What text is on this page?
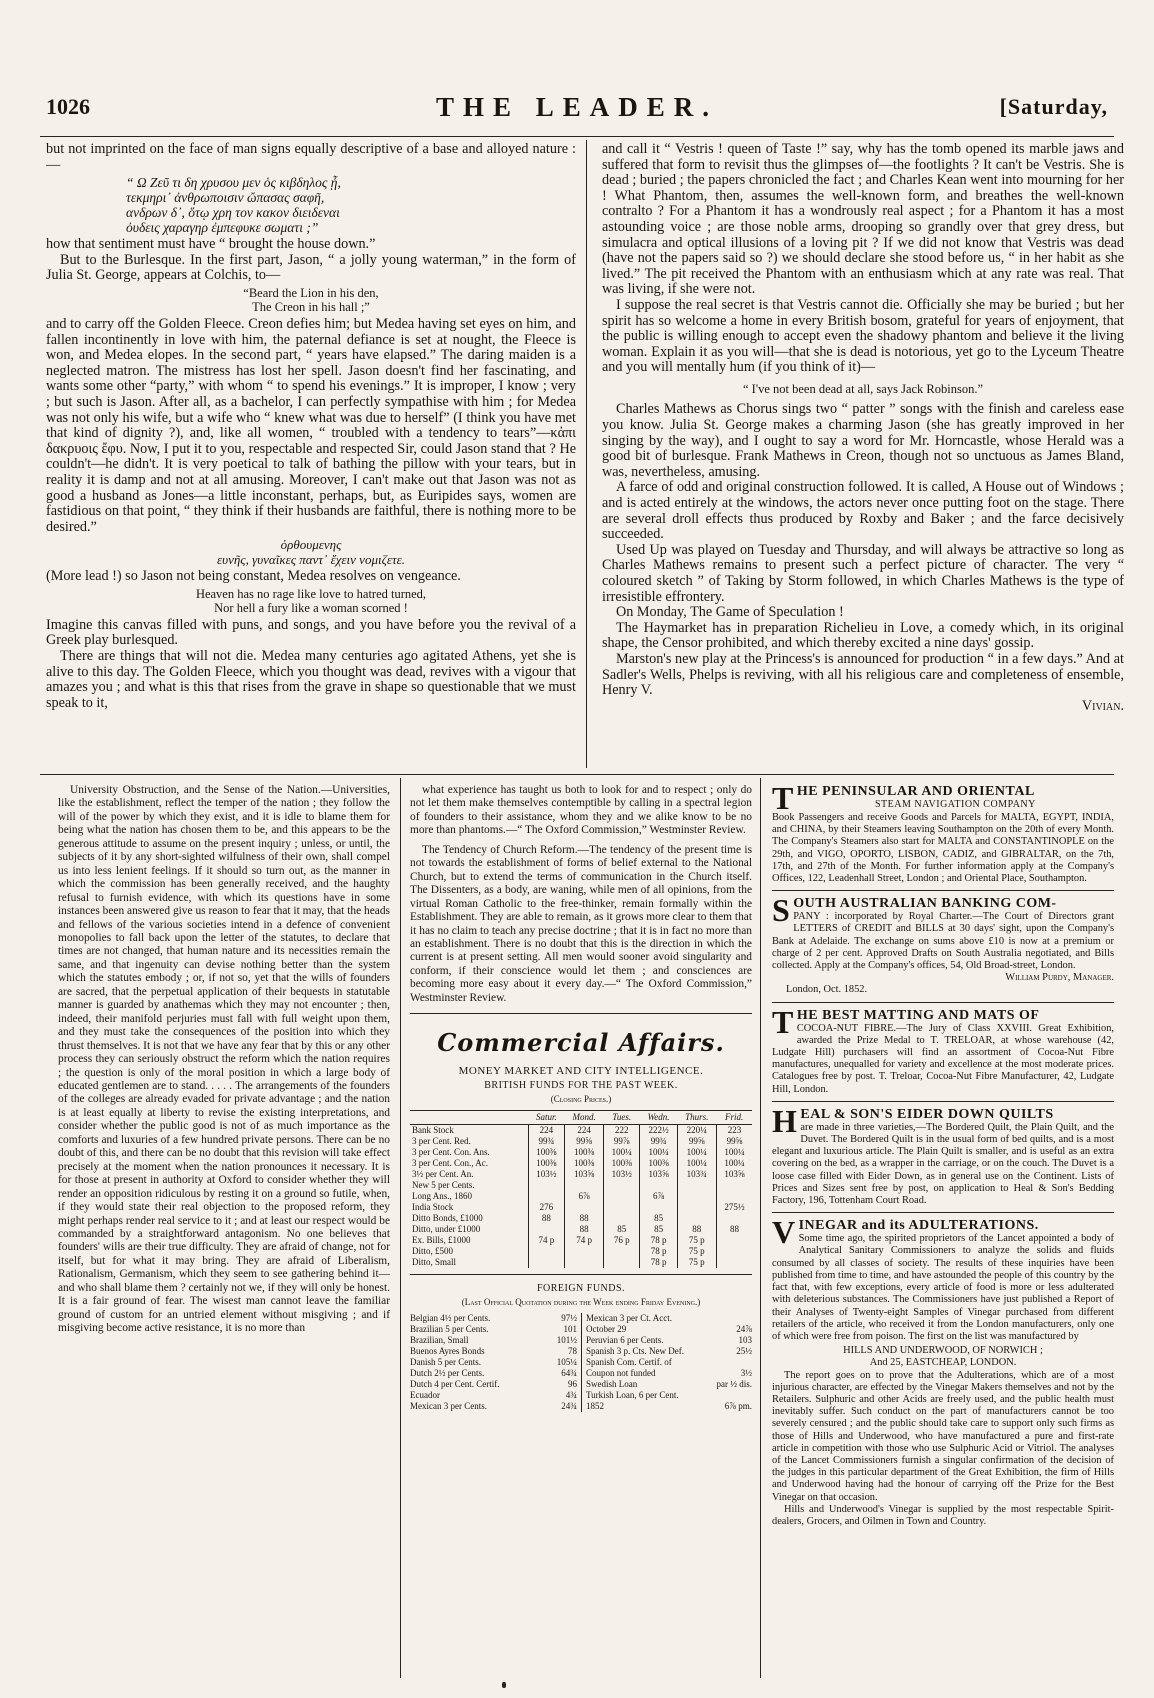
1026	THE LEADER.	[Saturday,

but not imprinted on the face of man signs equally descriptive of a base and alloyed nature :—

“ Ω Ζεῦ τι δη χρυσου μεν ὁς κιβδηλος ᾖ,
τεκμηρι᾽ ἀνθρωποισιν ὤπασας σαφῆ,
ανδρων δ᾽, ὅτῳ χρη τον κακον διειδεναι
ὀυδεις χαραγηρ ἐμπεφυκε σωματι ;”

how that sentiment must have “ brought the house down.”

But to the Burlesque. In the first part, Jason, “ a jolly young waterman,” in the form of Julia St. George, appears at Colchis, to—

“Beard the Lion in his den,
The Creon in his hall ;”

and to carry off the Golden Fleece. Creon defies him; but Medea having set eyes on him, and fallen incontinently in love with him, the paternal defiance is set at nought, the Fleece is won, and Medea elopes. In the second part, “ years have elapsed.” The daring maiden is a neglected matron. The mistress has lost her spell. Jason doesn't find her fascinating, and wants some other “party,” with whom “ to spend his evenings.” It is improper, I know ; very ; but such is Jason. After all, as a bachelor, I can perfectly sympathise with him ; for Medea was not only his wife, but a wife who “ knew what was due to herself” (I think you have met that kind of dignity ?), and, like all women, “ troubled with a tendency to tears”—κἀπι δακρυοις ἔφυ. Now, I put it to you, respectable and respected Sir, could Jason stand that ? He couldn't—he didn't. It is very poetical to talk of bathing the pillow with your tears, but in reality it is damp and not at all amusing. Moreover, I can't make out that Jason was not as good a husband as Jones—a little inconstant, perhaps, but, as Euripides says, women are fastidious on that point, “ they think if their husbands are faithful, there is nothing more to be desired.”

ὀρθουμενης
ευνῆς, γυναῖκες παντ᾽ ἔχειν νομιζετε.

(More lead !) so Jason not being constant, Medea resolves on vengeance.

Heaven has no rage like love to hatred turned,
Nor hell a fury like a woman scorned !

Imagine this canvas filled with puns, and songs, and you have before you the revival of a Greek play burlesqued.

There are things that will not die. Medea many centuries ago agitated Athens, yet she is alive to this day. The Golden Fleece, which you thought was dead, revives with a vigour that amazes you ; and what is this that rises from the grave in shape so questionable that we must speak to it,

and call it “ Vestris ! queen of Taste !” say, why has the tomb opened its marble jaws and suffered that form to revisit thus the glimpses of—the footlights ? It can't be Vestris. She is dead ; buried ; the papers chronicled the fact ; and Charles Kean went into mourning for her ! What Phantom, then, assumes the well-known form, and breathes the well-known contralto ? For a Phantom it has a wondrously real aspect ; for a Phantom it has a most astounding voice ; are those noble arms, drooping so grandly over that grey dress, but simulacra and optical illusions of a loving pit ? If we did not know that Vestris was dead (have not the papers said so ?) we should declare she stood before us, “ in her habit as she lived.” The pit received the Phantom with an enthusiasm which at any rate was real. That was living, if she were not.

I suppose the real secret is that Vestris cannot die. Officially she may be buried ; but her spirit has so welcome a home in every British bosom, grateful for years of enjoyment, that the public is willing enough to accept even the shadowy phantom and believe it the living woman. Explain it as you will—that she is dead is notorious, yet go to the Lyceum Theatre and you will mentally hum (if you think of it)—

“ I've not been dead at all, says Jack Robinson.”

Charles Mathews as Chorus sings two “ patter ” songs with the finish and careless ease you know. Julia St. George makes a charming Jason (she has greatly improved in her singing by the way), and I ought to say a word for Mr. Horncastle, whose Herald was a good bit of burlesque. Frank Mathews in Creon, though not so unctuous as James Bland, was, nevertheless, amusing.

A farce of odd and original construction followed. It is called, A House out of Windows ; and is acted entirely at the windows, the actors never once putting foot on the stage. There are several droll effects thus produced by Roxby and Baker ; and the farce decisively succeeded.

Used Up was played on Tuesday and Thursday, and will always be attractive so long as Charles Mathews remains to present such a perfect picture of character. The very “ coloured sketch ” of Taking by Storm followed, in which Charles Mathews is the type of irresistible effrontery.

On Monday, The Game of Speculation !

The Haymarket has in preparation Richelieu in Love, a comedy which, in its original shape, the Censor prohibited, and which thereby excited a nine days' gossip.

Marston's new play at the Princess's is announced for production “ in a few days.” And at Sadler's Wells, Phelps is reviving, with all his religious care and completeness of ensemble, Henry V.

Vivian.

University Obstruction, and the Sense of the Nation.—Universities, like the establishment, reflect the temper of the nation ; they follow the will of the power by which they exist, and it is idle to blame them for being what the nation has chosen them to be, and this appears to be the generous attitude to assume on the present inquiry ; unless, or until, the subjects of it by any short-sighted wilfulness of their own, shall compel us into less lenient feelings. If it should so turn out, as the manner in which the commission has been generally received, and the haughty refusal to furnish evidence, with which its questions have in some instances been answered give us reason to fear that it may, that the heads and fellows of the various societies intend in a defence of convenient monopolies to fall back upon the letter of the statutes, to declare that times are not changed, that human nature and its necessities remain the same, and that ingenuity can devise nothing better than the system which the statutes embody ; or, if not so, yet that the wills of founders are sacred, that the perpetual application of their bequests in statutable manner is guarded by anathemas which they may not encounter ; then, indeed, their manifold perjuries must fall with full weight upon them, and they must take the consequences of the position into which they thrust themselves. It is not that we have any fear that by this or any other process they can seriously obstruct the reform which the nation requires ; the question is only of the moral position in which a large body of educated gentlemen are to stand. . . . . The arrangements of the founders of the colleges are already evaded for private advantage ; and the nation is at least equally at liberty to revise the existing interpretations, and consider whether the public good is not of as much importance as the comforts and luxuries of a few hundred private persons. There can be no doubt of this, and there can be no doubt that this revision will take effect precisely at the moment when the nation pronounces it necessary. It is for those at present in authority at Oxford to consider whether they will render an opposition ridiculous by resting it on a ground so futile, when, if they would state their real objection to the proposed reform, they might perhaps render real service to it ; and at least our respect would be commanded by a straightforward antagonism. No one believes that founders' wills are their true difficulty. They are afraid of change, not for itself, but for what it may bring. They are afraid of Liberalism, Rationalism, Germanism, which they seem to see gathering behind it—and who shall blame them ? certainly not we, if they will only be honest. It is a fair ground of fear. The wisest man cannot leave the familiar ground of custom for an untried element without misgiving ; and if misgiving become active resistance, it is no more than

what experience has taught us both to look for and to respect ; only do not let them make themselves contemptible by calling in a spectral legion of founders to their assistance, whom they and we alike know to be no more than phantoms.—“ The Oxford Commission,” Westminster Review.

The Tendency of Church Reform.—The tendency of the present time is not towards the establishment of forms of belief external to the National Church, but to extend the terms of communication in the Church itself. The Dissenters, as a body, are waning, while men of all opinions, from the virtual Roman Catholic to the free-thinker, remain formally within the Establishment. They are able to remain, as it grows more clear to them that it has no claim to teach any precise doctrine ; that it is in fact no more than an establishment. There is no doubt that this is the direction in which the current is at present setting. All men would sooner avoid singularity and conform, if their conscience would let them ; and consciences are becoming more easy about it every day.—“ The Oxford Commission,” Westminster Review.

Commercial Affairs.
MONEY MARKET AND CITY INTELLIGENCE.
BRITISH FUNDS FOR THE PAST WEEK.
(Closing Prices.)
	Satur.	Mond.	Tues.	Wedn.	Thurs.	Frid.
Bank Stock	224	224	222	222½	220¼	223
3 per Cent. Red.	99¾	99⅝	99⅞	99¾	99⅝	99⅝
3 per Cent. Con. Ans.	100⅜	100⅜	100¼	100¼	100¼	100¼
3 per Cent. Con., Ac.	100⅜	100⅜	100⅜	100⅜	100¼	100¼
3½ per Cent. An.	103½	103⅝	103½	103⅝	103¾	103⅝
New 5 per Cents.						
Long Ans., 1860		6⅞		6⅞		
India Stock	276					275½
Ditto Bonds, £1000	88	88		85		
Ditto, under £1000		88	85	85	88	88
Ex. Bills, £1000	74 p	74 p	76 p	78 p	75 p	
Ditto, £500				78 p	75 p	
Ditto, Small				78 p	75 p	
FOREIGN FUNDS.
(Last Official Quotation during the Week ending Friday Evening.)
Belgian 4½ per Cents.	97½
Brazilian 5 per Cents.	101
Brazilian, Small	101½
Buenos Ayres Bonds	78
Danish 5 per Cents.	105¼
Dutch 2½ per Cents.	64¾
Dutch 4 per Cent. Certif.	96
Ecuador	4¾
Mexican 3 per Cents.	24¾
Mexican 3 per Ct. Acct.
October 29	24⅞
Peruvian 6 per Cents.	103
Spanish 3 p. Cts. New Def.	25½
Spanish Com. Certif. of
Coupon not funded	3½
Swedish Loan	par ½ dis.
Turkish Loan, 6 per Cent.
1852	6⅞ pm.
THE PENINSULAR AND ORIENTAL
STEAM NAVIGATION COMPANY
Book Passengers and receive Goods and Parcels for MALTA, EGYPT, INDIA, and CHINA, by their Steamers leaving Southampton on the 20th of every Month. The Company's Steamers also start for MALTA and CONSTANTINOPLE on the 29th, and VIGO, OPORTO, LISBON, CADIZ, and GIBRALTAR, on the 7th, 17th, and 27th of the Month. For further information apply at the Company's Offices, 122, Leadenhall Street, London ; and Oriental Place, Southampton.
SOUTH AUSTRALIAN BANKING COM-
PANY : incorporated by Royal Charter.—The Court of Directors grant LETTERS of CREDIT and BILLS at 30 days' sight, upon the Company's Bank at Adelaide. The exchange on sums above £10 is now at a premium or charge of 2 per cent. Approved Drafts on South Australia negotiated, and Bills collected. Apply at the Company's offices, 54, Old Broad-street, London.
William Purdy, Manager.
London, Oct. 1852.
THE BEST MATTING AND MATS OF
COCOA-NUT FIBRE.—The Jury of Class XXVIII. Great Exhibition, awarded the Prize Medal to T. TRELOAR, at whose warehouse (42, Ludgate Hill) purchasers will find an assortment of Cocoa-Nut Fibre manufactures, unequalled for variety and excellence at the most moderate prices. Catalogues free by post. T. Treloar, Cocoa-Nut Fibre Manufacturer, 42, Ludgate Hill, London.
HEAL & SON'S EIDER DOWN QUILTS
are made in three varieties,—The Bordered Quilt, the Plain Quilt, and the Duvet. The Bordered Quilt is in the usual form of bed quilts, and is a most elegant and luxurious article. The Plain Quilt is smaller, and is useful as an extra covering on the bed, as a wrapper in the carriage, or on the couch. The Duvet is a loose case filled with Eider Down, as in general use on the Continent. Lists of Prices and Sizes sent free by post, on application to Heal & Son's Bedding Factory, 196, Tottenham Court Road.
VINEGAR and its ADULTERATIONS.
Some time ago, the spirited proprietors of the Lancet appointed a body of Analytical Sanitary Commissioners to analyze the solids and fluids consumed by all classes of society. The results of these inquiries have been published from time to time, and have astounded the people of this country by the fact that, with few exceptions, every article of food is more or less adulterated with deleterious substances. The Commissioners have just published a Report of their Analyses of Twenty-eight Samples of Vinegar purchased from different retailers of the article, who received it from the London manufacturers, only one of which were free from poison. The first on the list was manufactured by
HILLS AND UNDERWOOD, OF NORWICH ;
And 25, EASTCHEAP, LONDON.
The report goes on to prove that the Adulterations, which are of a most injurious character, are effected by the Vinegar Makers themselves and not by the Retailers. Sulphuric and other Acids are freely used, and the public health must inevitably suffer. Such conduct on the part of manufacturers cannot be too severely censured ; and the public should take care to support only such firms as those of Hills and Underwood, who have manufactured a pure and first-rate article in competition with those who use Sulphuric Acid or Vitriol. The analyses of the Lancet Commissioners furnish a singular confirmation of the decision of the judges in this particular department of the Great Exhibition, the firm of Hills and Underwood having had the honour of carrying off the Prize for the Best Vinegar on that occasion.
Hills and Underwood's Vinegar is supplied by the most respectable Spirit-dealers, Grocers, and Oilmen in Town and Country.
